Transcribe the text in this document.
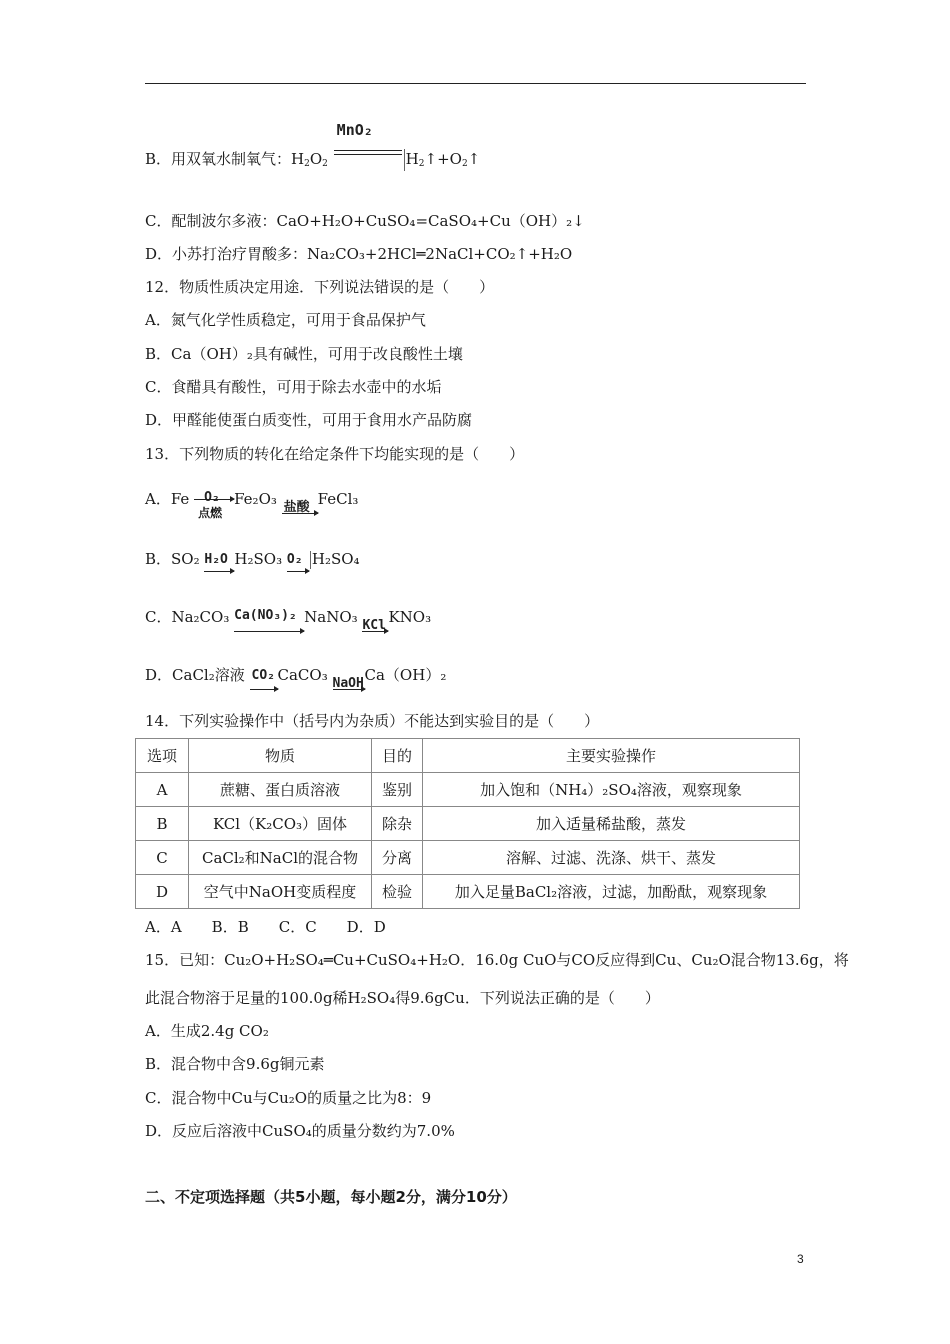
B．用双氧水制氧气：$H_2O_2$
MnO₂
$H_2↑+O_2↑$
C．配制波尔多液：CaO+H₂O+CuSO₄=CaSO₄+Cu（OH）₂↓
D．小苏打治疗胃酸多：Na₂CO₃+2HCl═2NaCl+CO₂↑+H₂O
12．物质性质决定用途．下列说法错误的是（　　）
A．氮气化学性质稳定，可用于食品保护气
B．Ca（OH）₂具有碱性，可用于改良酸性土壤
C．食醋具有酸性，可用于除去水壶中的水垢
D．甲醛能使蛋白质变性，可用于食用水产品防腐
13．下列物质的转化在给定条件下均能实现的是（　　）
A．Fe O₂
点燃
Fe₂O₃ 盐酸 FeCl₃
B．SO₂ H₂O H₂SO₃ O₂ H₂SO₄
C．Na₂CO₃ Ca(NO₃)₂ NaNO₃ KCl KNO₃
D．CaCl₂溶液 CO₂ CaCO₃ NaOH Ca（OH）₂
14．下列实验操作中（括号内为杂质）不能达到实验目的是（　　）
选项	物质	目的	主要实验操作
A	蔗糖、蛋白质溶液	鉴别	加入饱和（NH₄）₂SO₄溶液，观察现象
B	KCl（K₂CO₃）固体	除杂	加入适量稀盐酸，蒸发
C	CaCl₂和NaCl的混合物	分离	溶解、过滤、洗涤、烘干、蒸发
D	空气中NaOH变质程度	检验	加入足量BaCl₂溶液，过滤，加酚酞，观察现象
A．A　　B．B　　C．C　　D．D
15．已知：Cu₂O+H₂SO₄═Cu+CuSO₄+H₂O．16.0g CuO与CO反应得到Cu、Cu₂O混合物13.6g，将
此混合物溶于足量的100.0g稀H₂SO₄得9.6gCu．下列说法正确的是（　　）
A．生成2.4g CO₂
B．混合物中含9.6g铜元素
C．混合物中Cu与Cu₂O的质量之比为8：9
D．反应后溶液中CuSO₄的质量分数约为7.0%
二、不定项选择题（共5小题，每小题2分，满分10分）
3
